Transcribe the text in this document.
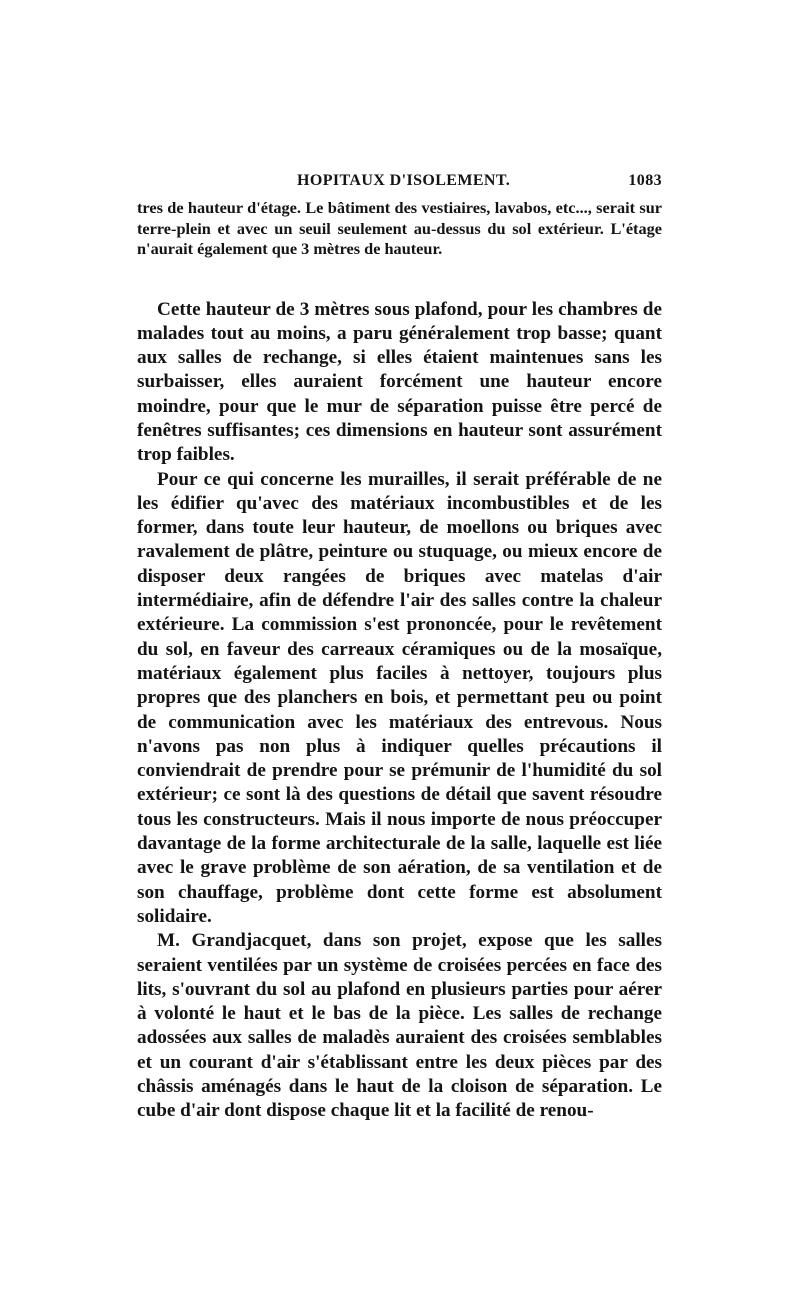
HOPITAUX D'ISOLEMENT.	1083

tres de hauteur d'étage. Le bâtiment des vestiaires, lavabos, etc..., serait sur terre-plein et avec un seuil seulement au-dessus du sol extérieur. L'étage n'aurait également que 3 mètres de hauteur.

Cette hauteur de 3 mètres sous plafond, pour les chambres de malades tout au moins, a paru généralement trop basse; quant aux salles de rechange, si elles étaient maintenues sans les surbaisser, elles auraient forcément une hauteur encore moindre, pour que le mur de séparation puisse être percé de fenêtres suffisantes; ces dimensions en hauteur sont assurément trop faibles.

Pour ce qui concerne les murailles, il serait préférable de ne les édifier qu'avec des matériaux incombustibles et de les former, dans toute leur hauteur, de moellons ou briques avec ravalement de plâtre, peinture ou stuquage, ou mieux encore de disposer deux rangées de briques avec matelas d'air intermédiaire, afin de défendre l'air des salles contre la chaleur extérieure. La commission s'est prononcée, pour le revêtement du sol, en faveur des carreaux céramiques ou de la mosaïque, matériaux également plus faciles à nettoyer, toujours plus propres que des planchers en bois, et permettant peu ou point de communication avec les matériaux des entrevous. Nous n'avons pas non plus à indiquer quelles précautions il conviendrait de prendre pour se prémunir de l'humidité du sol extérieur; ce sont là des questions de détail que savent résoudre tous les constructeurs. Mais il nous importe de nous préoccuper davantage de la forme architecturale de la salle, laquelle est liée avec le grave problème de son aération, de sa ventilation et de son chauffage, problème dont cette forme est absolument solidaire.

M. Grandjacquet, dans son projet, expose que les salles seraient ventilées par un système de croisées percées en face des lits, s'ouvrant du sol au plafond en plusieurs parties pour aérer à volonté le haut et le bas de la pièce. Les salles de rechange adossées aux salles de maladès auraient des croisées semblables et un courant d'air s'établissant entre les deux pièces par des châssis aménagés dans le haut de la cloison de séparation. Le cube d'air dont dispose chaque lit et la facilité de renou-
